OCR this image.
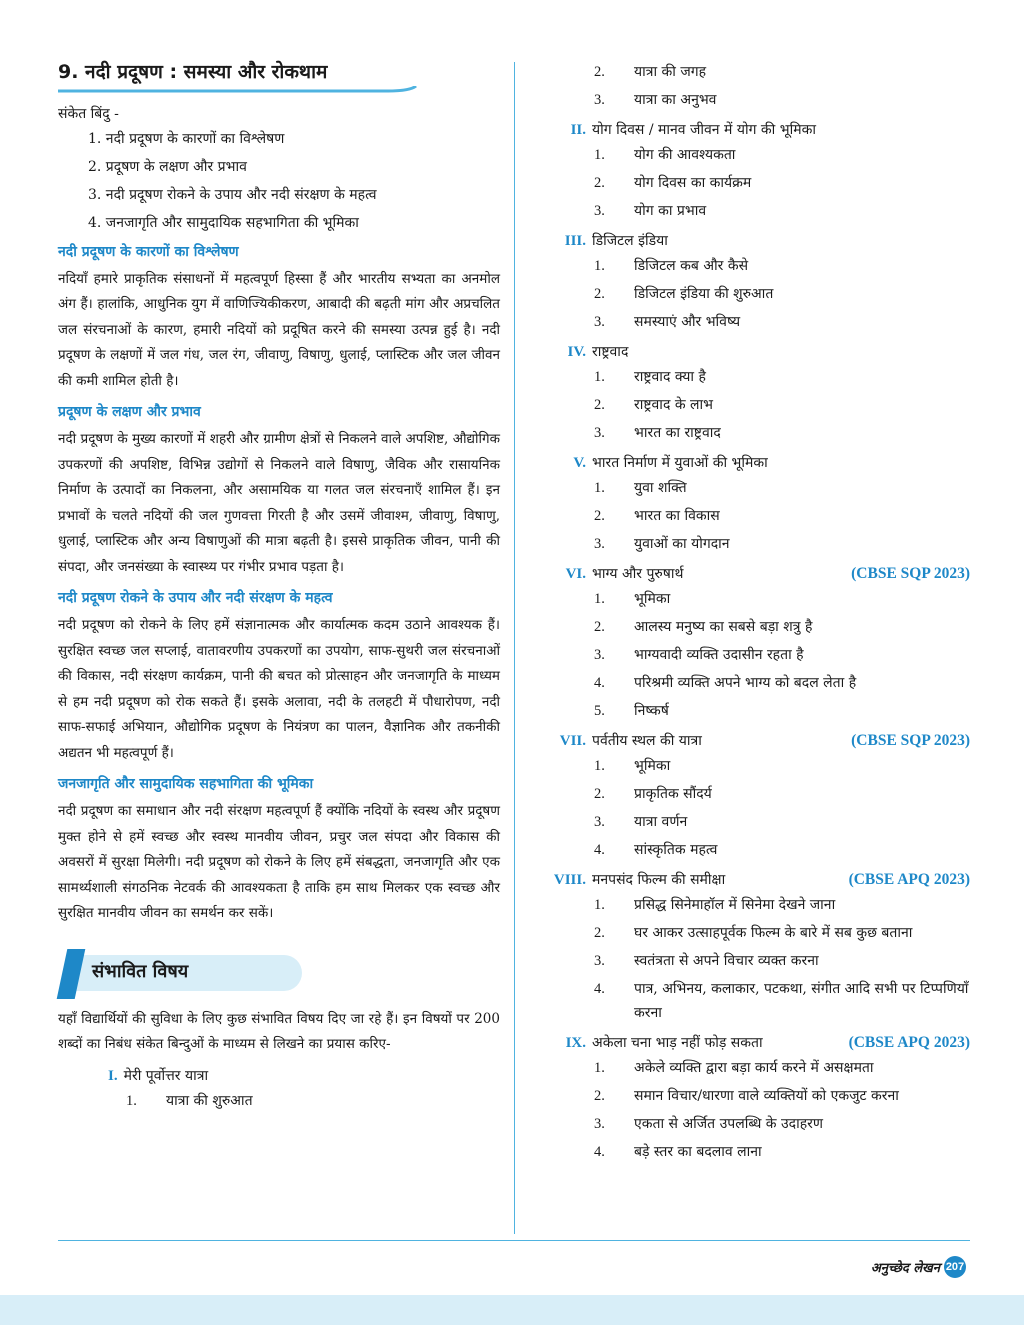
9. नदी प्रदूषण : समस्या और रोकथाम
संकेत बिंदु -
1. नदी प्रदूषण के कारणों का विश्लेषण
2. प्रदूषण के लक्षण और प्रभाव
3. नदी प्रदूषण रोकने के उपाय और नदी संरक्षण के महत्व
4. जनजागृति और सामुदायिक सहभागिता की भूमिका
नदी प्रदूषण के कारणों का विश्लेषण

नदियाँ हमारे प्राकृतिक संसाधनों में महत्वपूर्ण हिस्सा हैं और भारतीय सभ्यता का अनमोल अंग हैं। हालांकि, आधुनिक युग में वाणिज्यिकीकरण, आबादी की बढ़ती मांग और अप्रचलित जल संरचनाओं के कारण, हमारी नदियों को प्रदूषित करने की समस्या उत्पन्न हुई है। नदी प्रदूषण के लक्षणों में जल गंध, जल रंग, जीवाणु, विषाणु, धुलाई, प्लास्टिक और जल जीवन की कमी शामिल होती है।

प्रदूषण के लक्षण और प्रभाव

नदी प्रदूषण के मुख्य कारणों में शहरी और ग्रामीण क्षेत्रों से निकलने वाले अपशिष्ट, औद्योगिक उपकरणों की अपशिष्ट, विभिन्न उद्योगों से निकलने वाले विषाणु, जैविक और रासायनिक निर्माण के उत्पादों का निकलना, और असामयिक या गलत जल संरचनाएँ शामिल हैं। इन प्रभावों के चलते नदियों की जल गुणवत्ता गिरती है और उसमें जीवाश्म, जीवाणु, विषाणु, धुलाई, प्लास्टिक और अन्य विषाणुओं की मात्रा बढ़ती है। इससे प्राकृतिक जीवन, पानी की संपदा, और जनसंख्या के स्वास्थ्य पर गंभीर प्रभाव पड़ता है।

नदी प्रदूषण रोकने के उपाय और नदी संरक्षण के महत्व

नदी प्रदूषण को रोकने के लिए हमें संज्ञानात्मक और कार्यात्मक कदम उठाने आवश्यक हैं। सुरक्षित स्वच्छ जल सप्लाई, वातावरणीय उपकरणों का उपयोग, साफ-सुथरी जल संरचनाओं की विकास, नदी संरक्षण कार्यक्रम, पानी की बचत को प्रोत्साहन और जनजागृति के माध्यम से हम नदी प्रदूषण को रोक सकते हैं। इसके अलावा, नदी के तलहटी में पौधारोपण, नदी साफ-सफाई अभियान, औद्योगिक प्रदूषण के नियंत्रण का पालन, वैज्ञानिक और तकनीकी अद्यतन भी महत्वपूर्ण हैं।

जनजागृति और सामुदायिक सहभागिता की भूमिका

नदी प्रदूषण का समाधान और नदी संरक्षण महत्वपूर्ण हैं क्योंकि नदियों के स्वस्थ और प्रदूषण मुक्त होने से हमें स्वच्छ और स्वस्थ मानवीय जीवन, प्रचुर जल संपदा और विकास की अवसरों में सुरक्षा मिलेगी। नदी प्रदूषण को रोकने के लिए हमें संबद्धता, जनजागृति और एक सामर्थ्यशाली संगठनिक नेटवर्क की आवश्यकता है ताकि हम साथ मिलकर एक स्वच्छ और सुरक्षित मानवीय जीवन का समर्थन कर सकें।

संभावित विषय

यहाँ विद्यार्थियों की सुविधा के लिए कुछ संभावित विषय दिए जा रहे हैं। इन विषयों पर 200 शब्दों का निबंध संकेत बिन्दुओं के माध्यम से लिखने का प्रयास करिए-

I. मेरी पूर्वोत्तर यात्रा
1.	यात्रा की शुरुआत
2.	यात्रा की जगह
3.	यात्रा का अनुभव
II. योग दिवस / मानव जीवन में योग की भूमिका
1.	योग की आवश्यकता
2.	योग दिवस का कार्यक्रम
3.	योग का प्रभाव
III. डिजिटल इंडिया
1.	डिजिटल कब और कैसे
2.	डिजिटल इंडिया की शुरुआत
3.	समस्याएं और भविष्य
IV. राष्ट्रवाद
1.	राष्ट्रवाद क्या है
2.	राष्ट्रवाद के लाभ
3.	भारत का राष्ट्रवाद
V. भारत निर्माण में युवाओं की भूमिका
1.	युवा शक्ति
2.	भारत का विकास
3.	युवाओं का योगदान
VI. भाग्य और पुरुषार्थ	(CBSE SQP 2023)
1.	भूमिका
2.	आलस्य मनुष्य का सबसे बड़ा शत्रु है
3.	भाग्यवादी व्यक्ति उदासीन रहता है
4.	परिश्रमी व्यक्ति अपने भाग्य को बदल लेता है
5.	निष्कर्ष
VII. पर्वतीय स्थल की यात्रा	(CBSE SQP 2023)
1.	भूमिका
2.	प्राकृतिक सौंदर्य
3.	यात्रा वर्णन
4.	सांस्कृतिक महत्व
VIII. मनपसंद फिल्म की समीक्षा	(CBSE APQ 2023)
1.	प्रसिद्ध सिनेमाहॉल में सिनेमा देखने जाना
2.	घर आकर उत्साहपूर्वक फिल्म के बारे में सब कुछ बताना
3.	स्वतंत्रता से अपने विचार व्यक्त करना
4.	पात्र, अभिनय, कलाकार, पटकथा, संगीत आदि सभी पर टिप्पणियाँ करना
IX. अकेला चना भाड़ नहीं फोड़ सकता	(CBSE APQ 2023)
1.	अकेले व्यक्ति द्वारा बड़ा कार्य करने में असक्षमता
2.	समान विचार/धारणा वाले व्यक्तियों को एकजुट करना
3.	एकता से अर्जित उपलब्धि के उदाहरण
4.	बड़े स्तर का बदलाव लाना
अनुच्छेद लेखन 207
